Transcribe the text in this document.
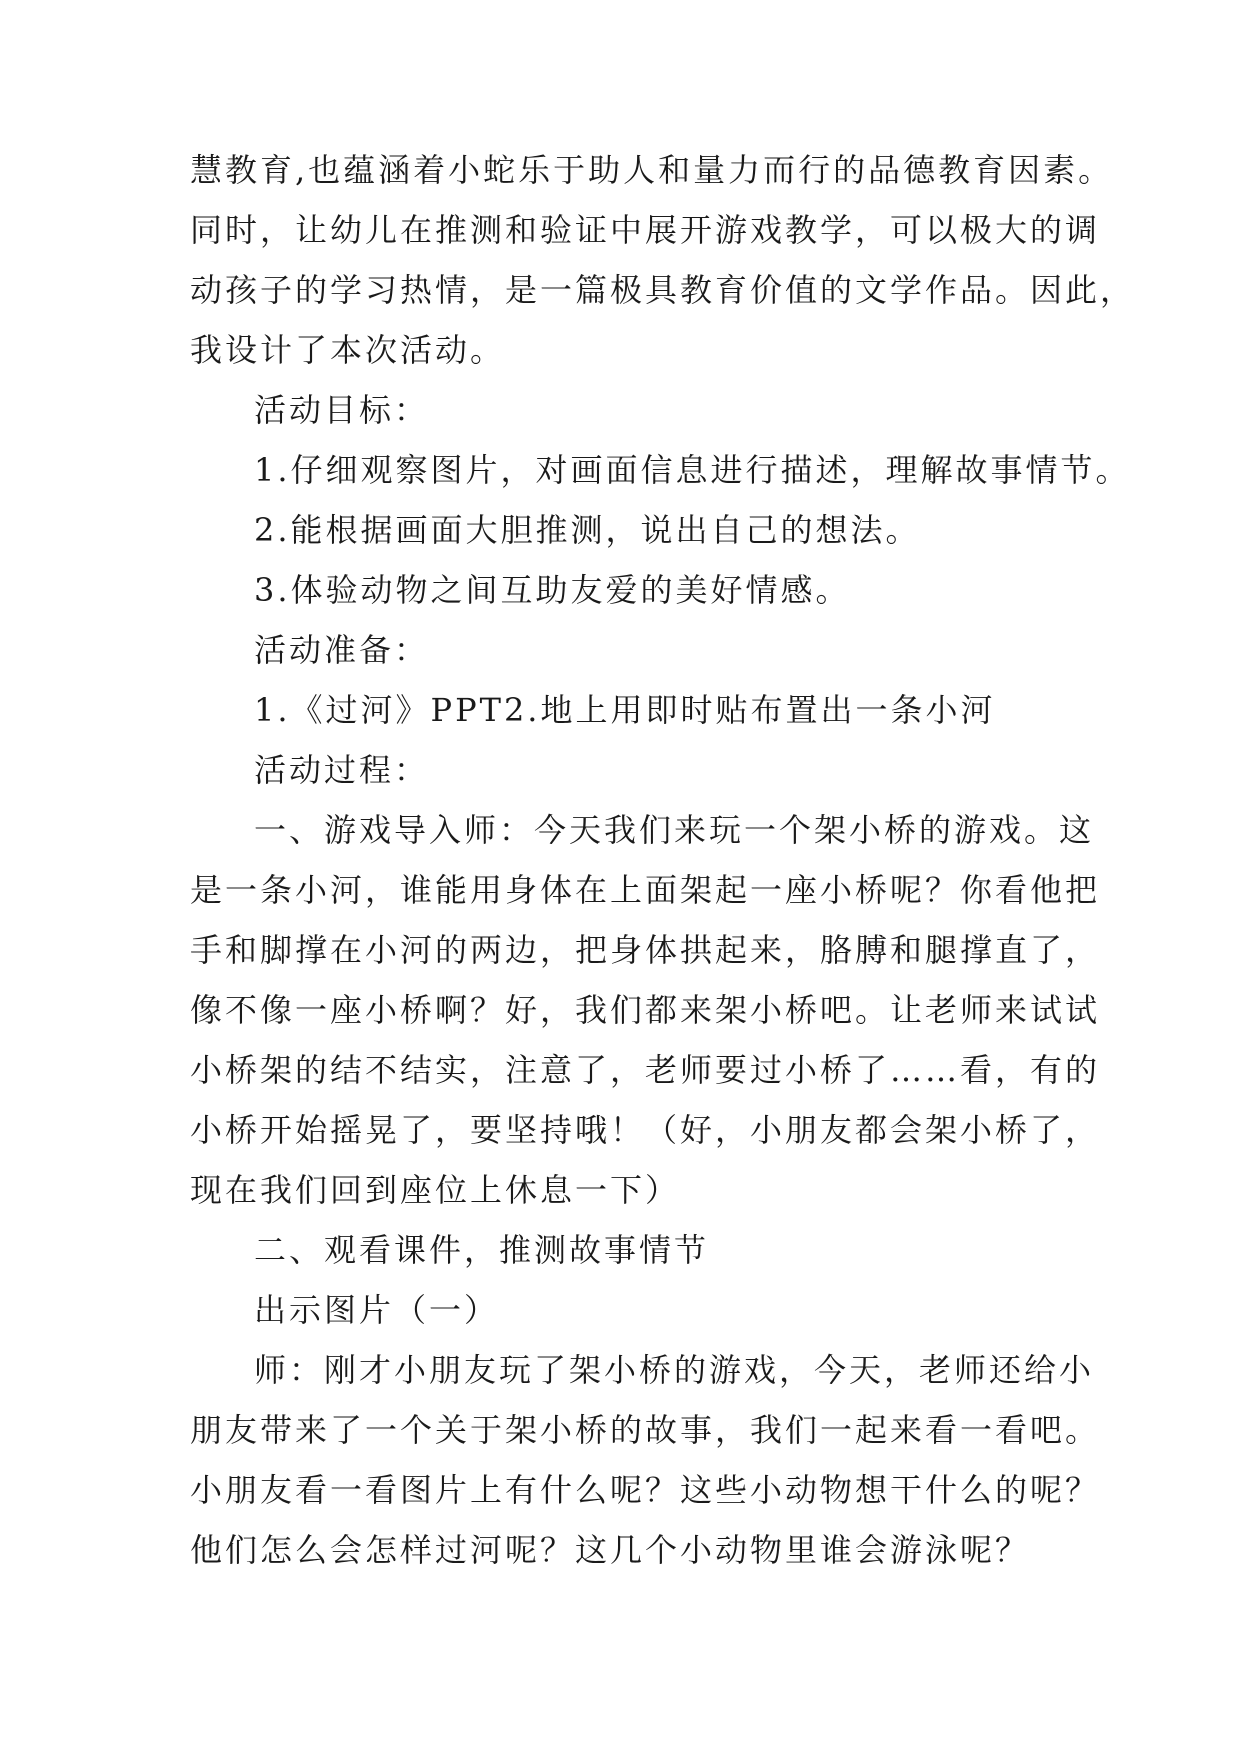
慧教育,也蕴涵着小蛇乐于助人和量力而行的品德教育因素。
同时，让幼儿在推测和验证中展开游戏教学，可以极大的调
动孩子的学习热情，是一篇极具教育价值的文学作品。因此，
我设计了本次活动。
活动目标：
1.仔细观察图片，对画面信息进行描述，理解故事情节。
2.能根据画面大胆推测，说出自己的想法。
3.体验动物之间互助友爱的美好情感。
活动准备：
1.《过河》PPT2.地上用即时贴布置出一条小河
活动过程：
一、游戏导入师：今天我们来玩一个架小桥的游戏。这
是一条小河，谁能用身体在上面架起一座小桥呢？你看他把
手和脚撑在小河的两边，把身体拱起来，胳膊和腿撑直了，
像不像一座小桥啊？好，我们都来架小桥吧。让老师来试试
小桥架的结不结实，注意了，老师要过小桥了……看，有的
小桥开始摇晃了，要坚持哦！（好，小朋友都会架小桥了，
现在我们回到座位上休息一下）
二、观看课件，推测故事情节
出示图片（一）
师：刚才小朋友玩了架小桥的游戏，今天，老师还给小
朋友带来了一个关于架小桥的故事，我们一起来看一看吧。
小朋友看一看图片上有什么呢？这些小动物想干什么的呢？
他们怎么会怎样过河呢？这几个小动物里谁会游泳呢？
